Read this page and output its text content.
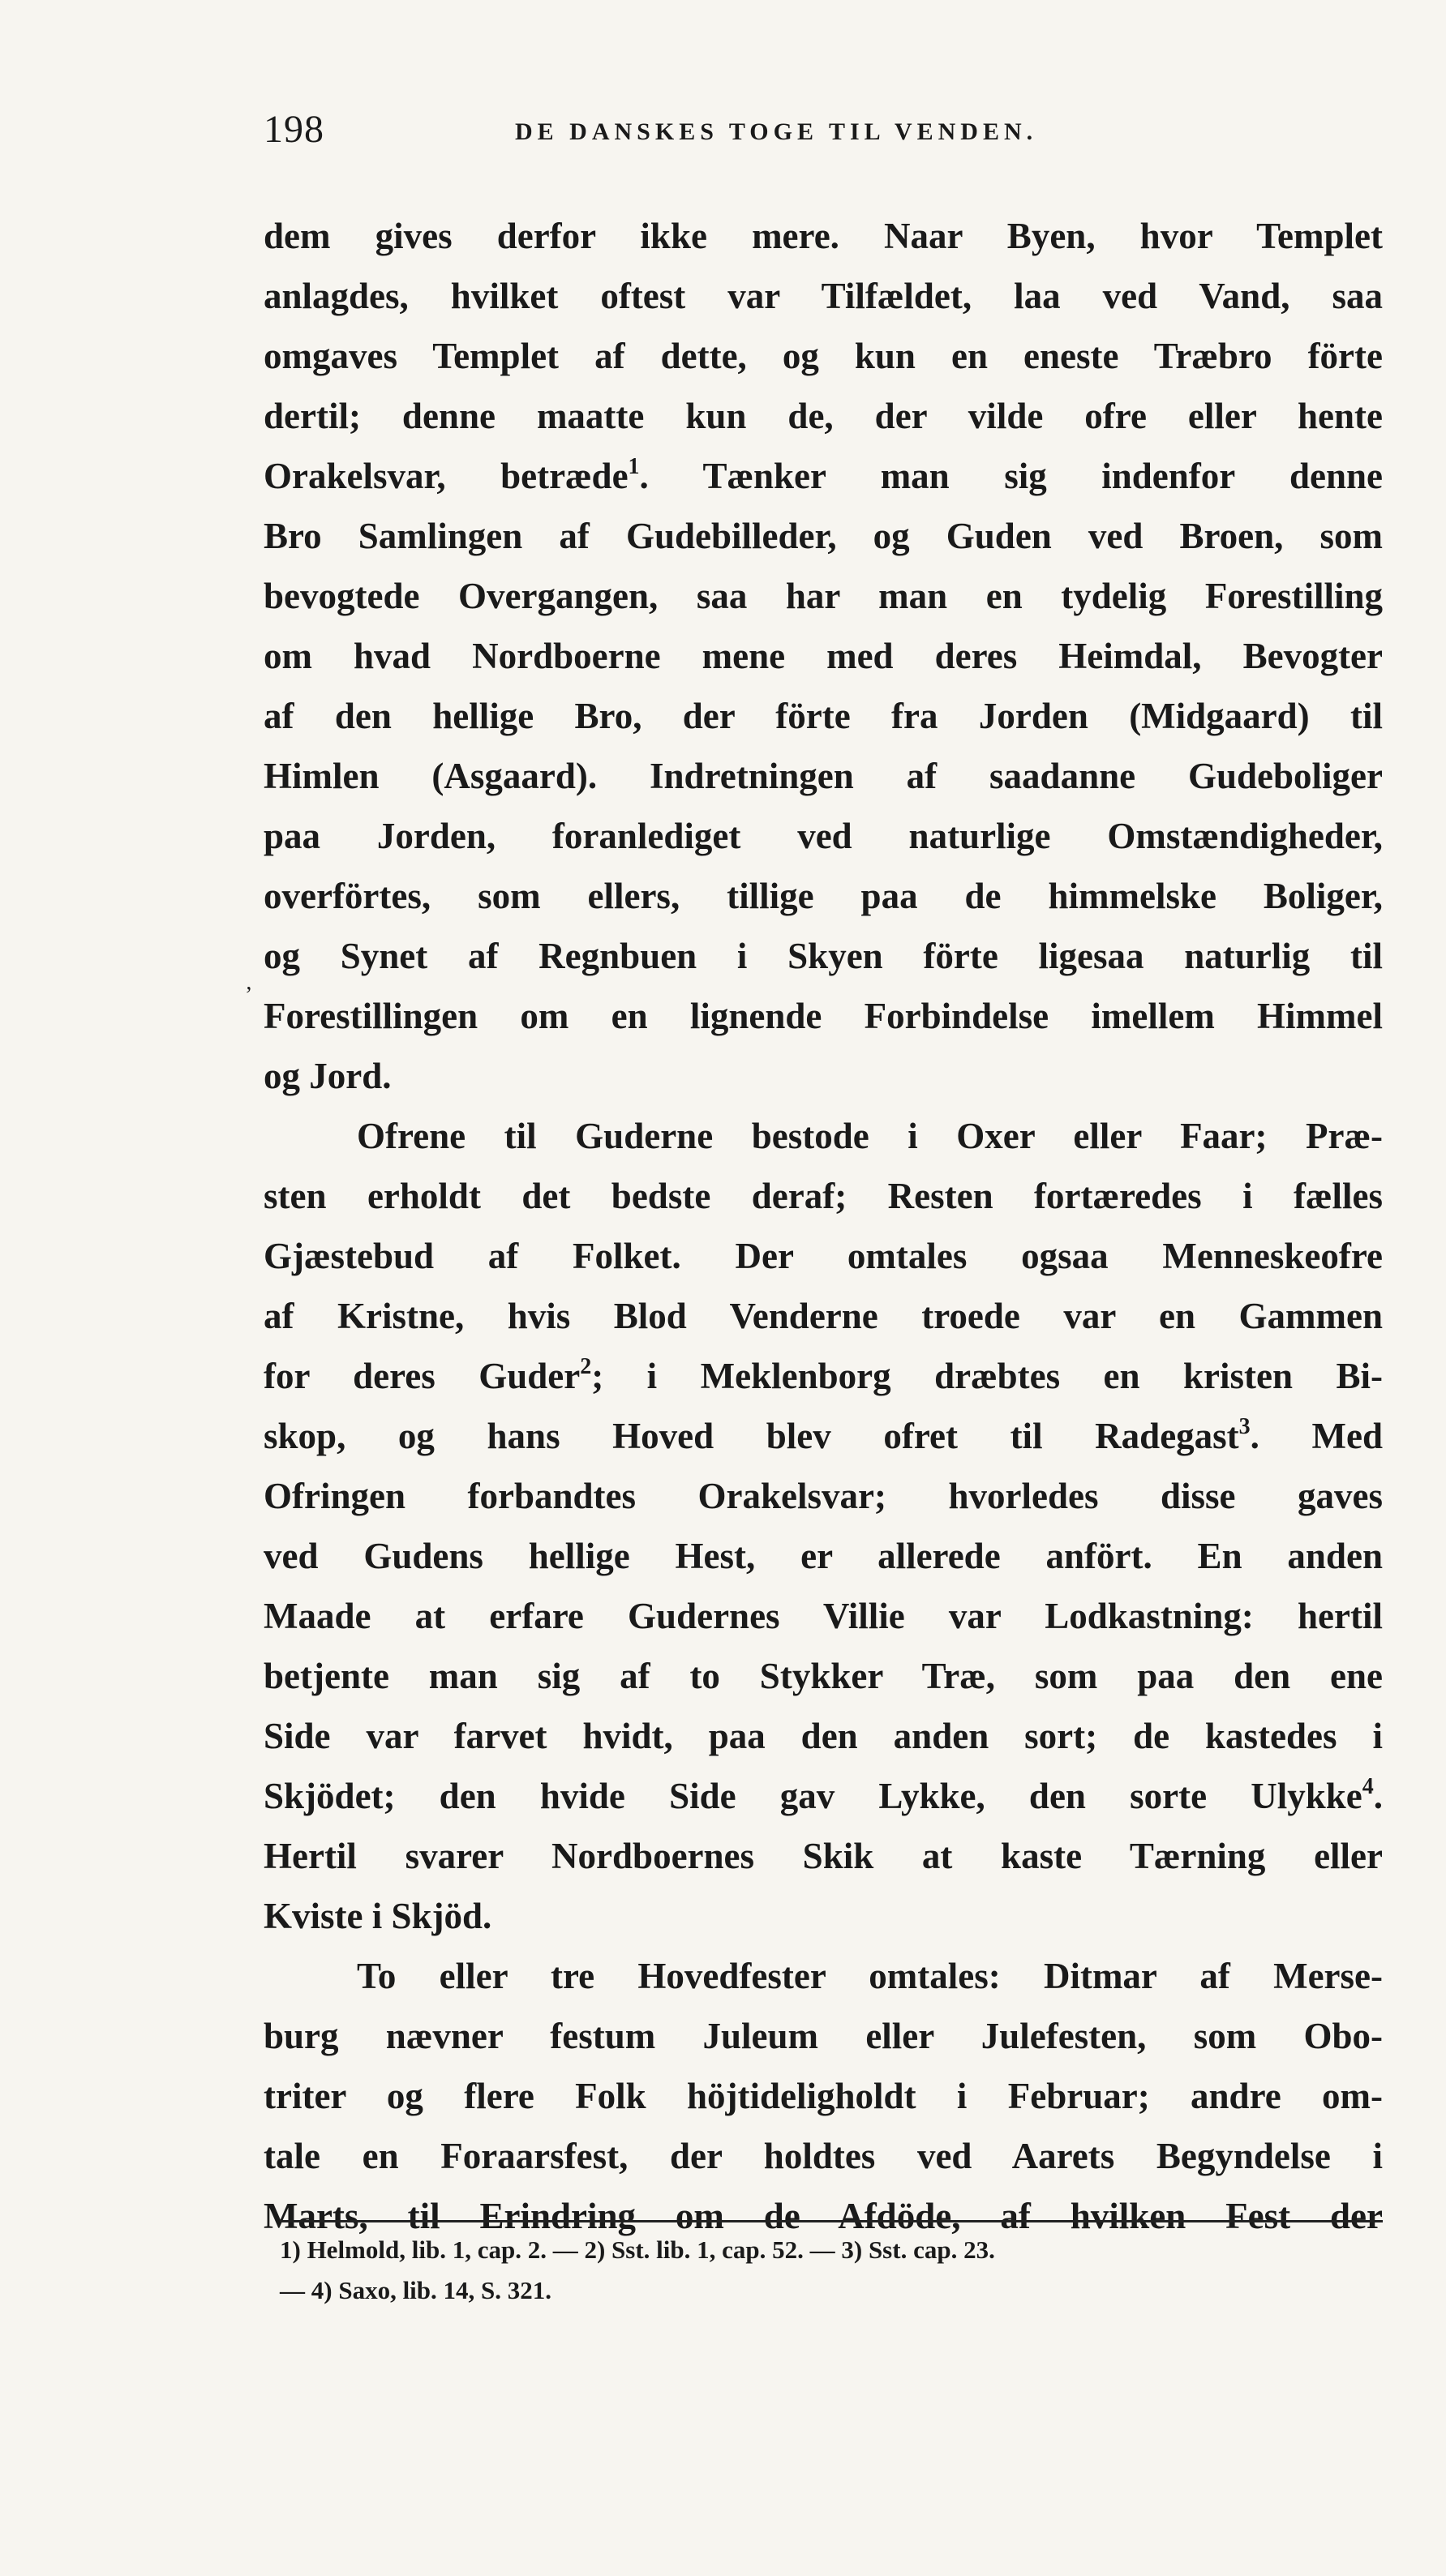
198	DE DANSKES TOGE TIL VENDEN.
ʼ
dem gives derfor ikke mere. Naar Byen, hvor Templet
anlagdes, hvilket oftest var Tilfældet, laa ved Vand, saa
omgaves Templet af dette, og kun en eneste Træbro förte
dertil; denne maatte kun de, der vilde ofre eller hente
Orakelsvar, betræde$^1$. Tænker man sig indenfor denne
Bro Samlingen af Gudebilleder, og Guden ved Broen, som
bevogtede Overgangen, saa har man en tydelig Forestilling
om hvad Nordboerne mene med deres Heimdal, Bevogter
af den hellige Bro, der förte fra Jorden (Midgaard) til
Himlen (Asgaard). Indretningen af saadanne Gudeboliger
paa Jorden, foranlediget ved naturlige Omstændigheder,
overförtes, som ellers, tillige paa de himmelske Boliger,
og Synet af Regnbuen i Skyen förte ligesaa naturlig til
Forestillingen om en lignende Forbindelse imellem Himmel
og Jord.
Ofrene til Guderne bestode i Oxer eller Faar; Præ-
sten erholdt det bedste deraf; Resten fortæredes i fælles
Gjæstebud af Folket. Der omtales ogsaa Menneskeofre
af Kristne, hvis Blod Venderne troede var en Gammen
for deres Guder$^2$; i Meklenborg dræbtes en kristen Bi-
skop, og hans Hoved blev ofret til Radegast$^3$. Med
Ofringen forbandtes Orakelsvar; hvorledes disse gaves
ved Gudens hellige Hest, er allerede anfört. En anden
Maade at erfare Gudernes Villie var Lodkastning: hertil
betjente man sig af to Stykker Træ, som paa den ene
Side var farvet hvidt, paa den anden sort; de kastedes i
Skjödet; den hvide Side gav Lykke, den sorte Ulykke$^4$.
Hertil svarer Nordboernes Skik at kaste Tærning eller
Kviste i Skjöd.
To eller tre Hovedfester omtales: Ditmar af Merse-
burg nævner festum Juleum eller Julefesten, som Obo-
triter og flere Folk höjtideligholdt i Februar; andre om-
tale en Foraarsfest, der holdtes ved Aarets Begyndelse i
Marts, til Erindring om de Afdöde, af hvilken Fest der
1) Helmold, lib. 1, cap. 2. — 2) Sst. lib. 1, cap. 52. — 3) Sst. cap. 23.
— 4) Saxo, lib. 14, S. 321.
